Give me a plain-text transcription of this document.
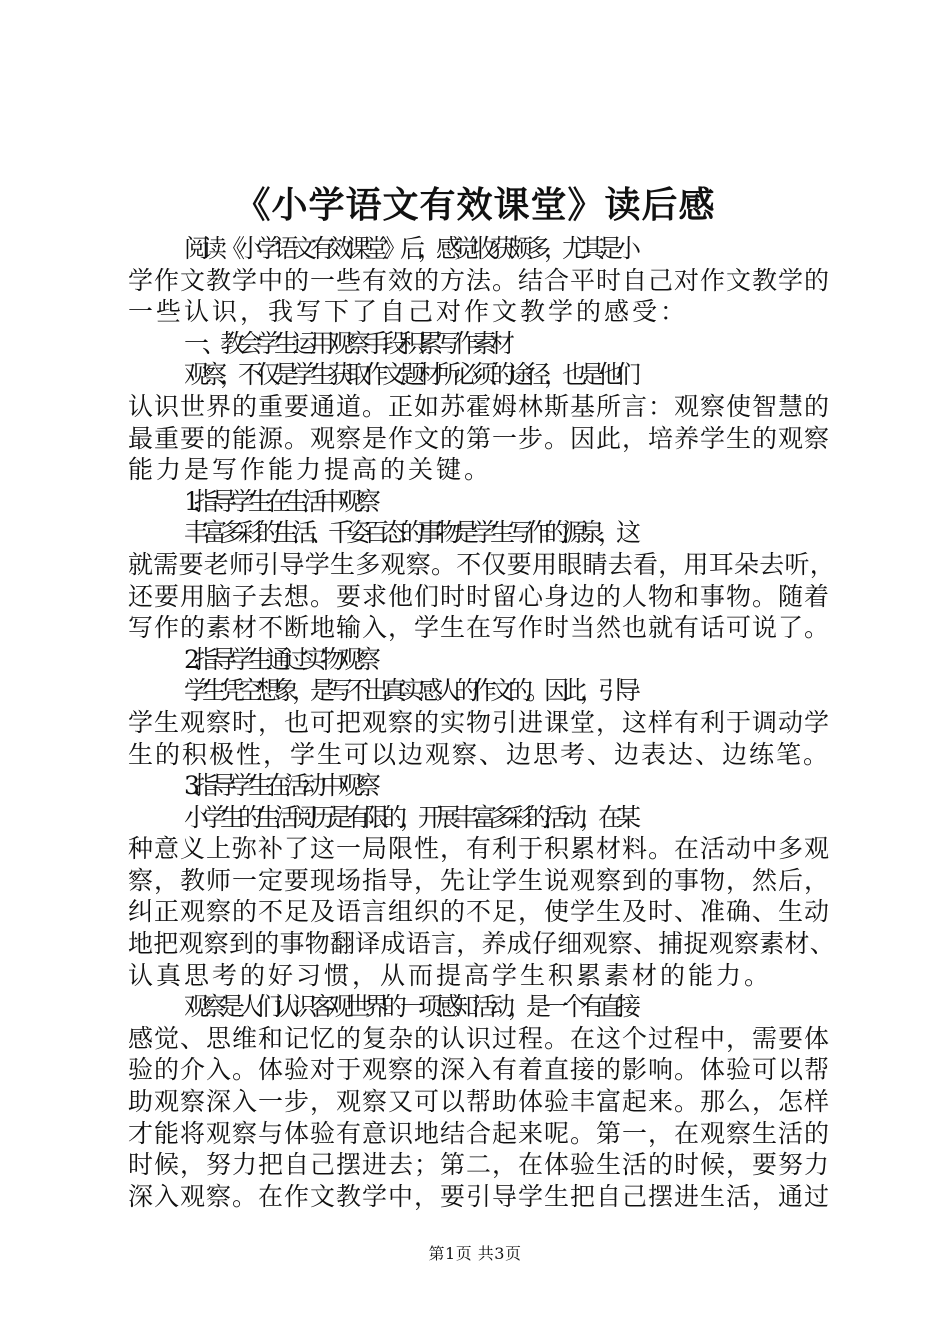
《小学语文有效课堂》读后感
阅读《小学语文有效课堂》后，感觉收获颇多，尤其是小
学作文教学中的一些有效的方法。结合平时自己对作文教学的
一些认识，我写下了自己对作文教学的感受：
一、教会学生运用观察手段积累写作素材
观察，不仅是学生获取作文题材所必须的途径，也是他们
认识世界的重要通道。正如苏霍姆林斯基所言：观察使智慧的
最重要的能源。观察是作文的第一步。因此，培养学生的观察
能力是写作能力提高的关键。
1.指导学生在生活中观察
丰富多彩的生活、千姿百态的事物是学生写作的源泉，这
就需要老师引导学生多观察。不仅要用眼睛去看，用耳朵去听，
还要用脑子去想。要求他们时时留心身边的人物和事物。随着
写作的素材不断地输入，学生在写作时当然也就有话可说了。
2.指导学生通过实物观察
学生凭空想象，是写不出真实感人的作文的。因此，引导
学生观察时，也可把观察的实物引进课堂，这样有利于调动学
生的积极性，学生可以边观察、边思考、边表达、边练笔。
3.指导学生在活动中观察
小学生的生活阅历是有限的，开展丰富多彩的活动，在某
种意义上弥补了这一局限性，有利于积累材料。在活动中多观
察，教师一定要现场指导，先让学生说观察到的事物，然后，
纠正观察的不足及语言组织的不足，使学生及时、准确、生动
地把观察到的事物翻译成语言，养成仔细观察、捕捉观察素材、
认真思考的好习惯，从而提高学生积累素材的能力。
观察是人们认识客观世界的一项感知活动，是一个有直接
感觉、思维和记忆的复杂的认识过程。在这个过程中，需要体
验的介入。体验对于观察的深入有着直接的影响。体验可以帮
助观察深入一步，观察又可以帮助体验丰富起来。那么，怎样
才能将观察与体验有意识地结合起来呢。第一，在观察生活的
时候，努力把自己摆进去；第二，在体验生活的时候，要努力
深入观察。在作文教学中，要引导学生把自己摆进生活，通过
第1页 共3页
